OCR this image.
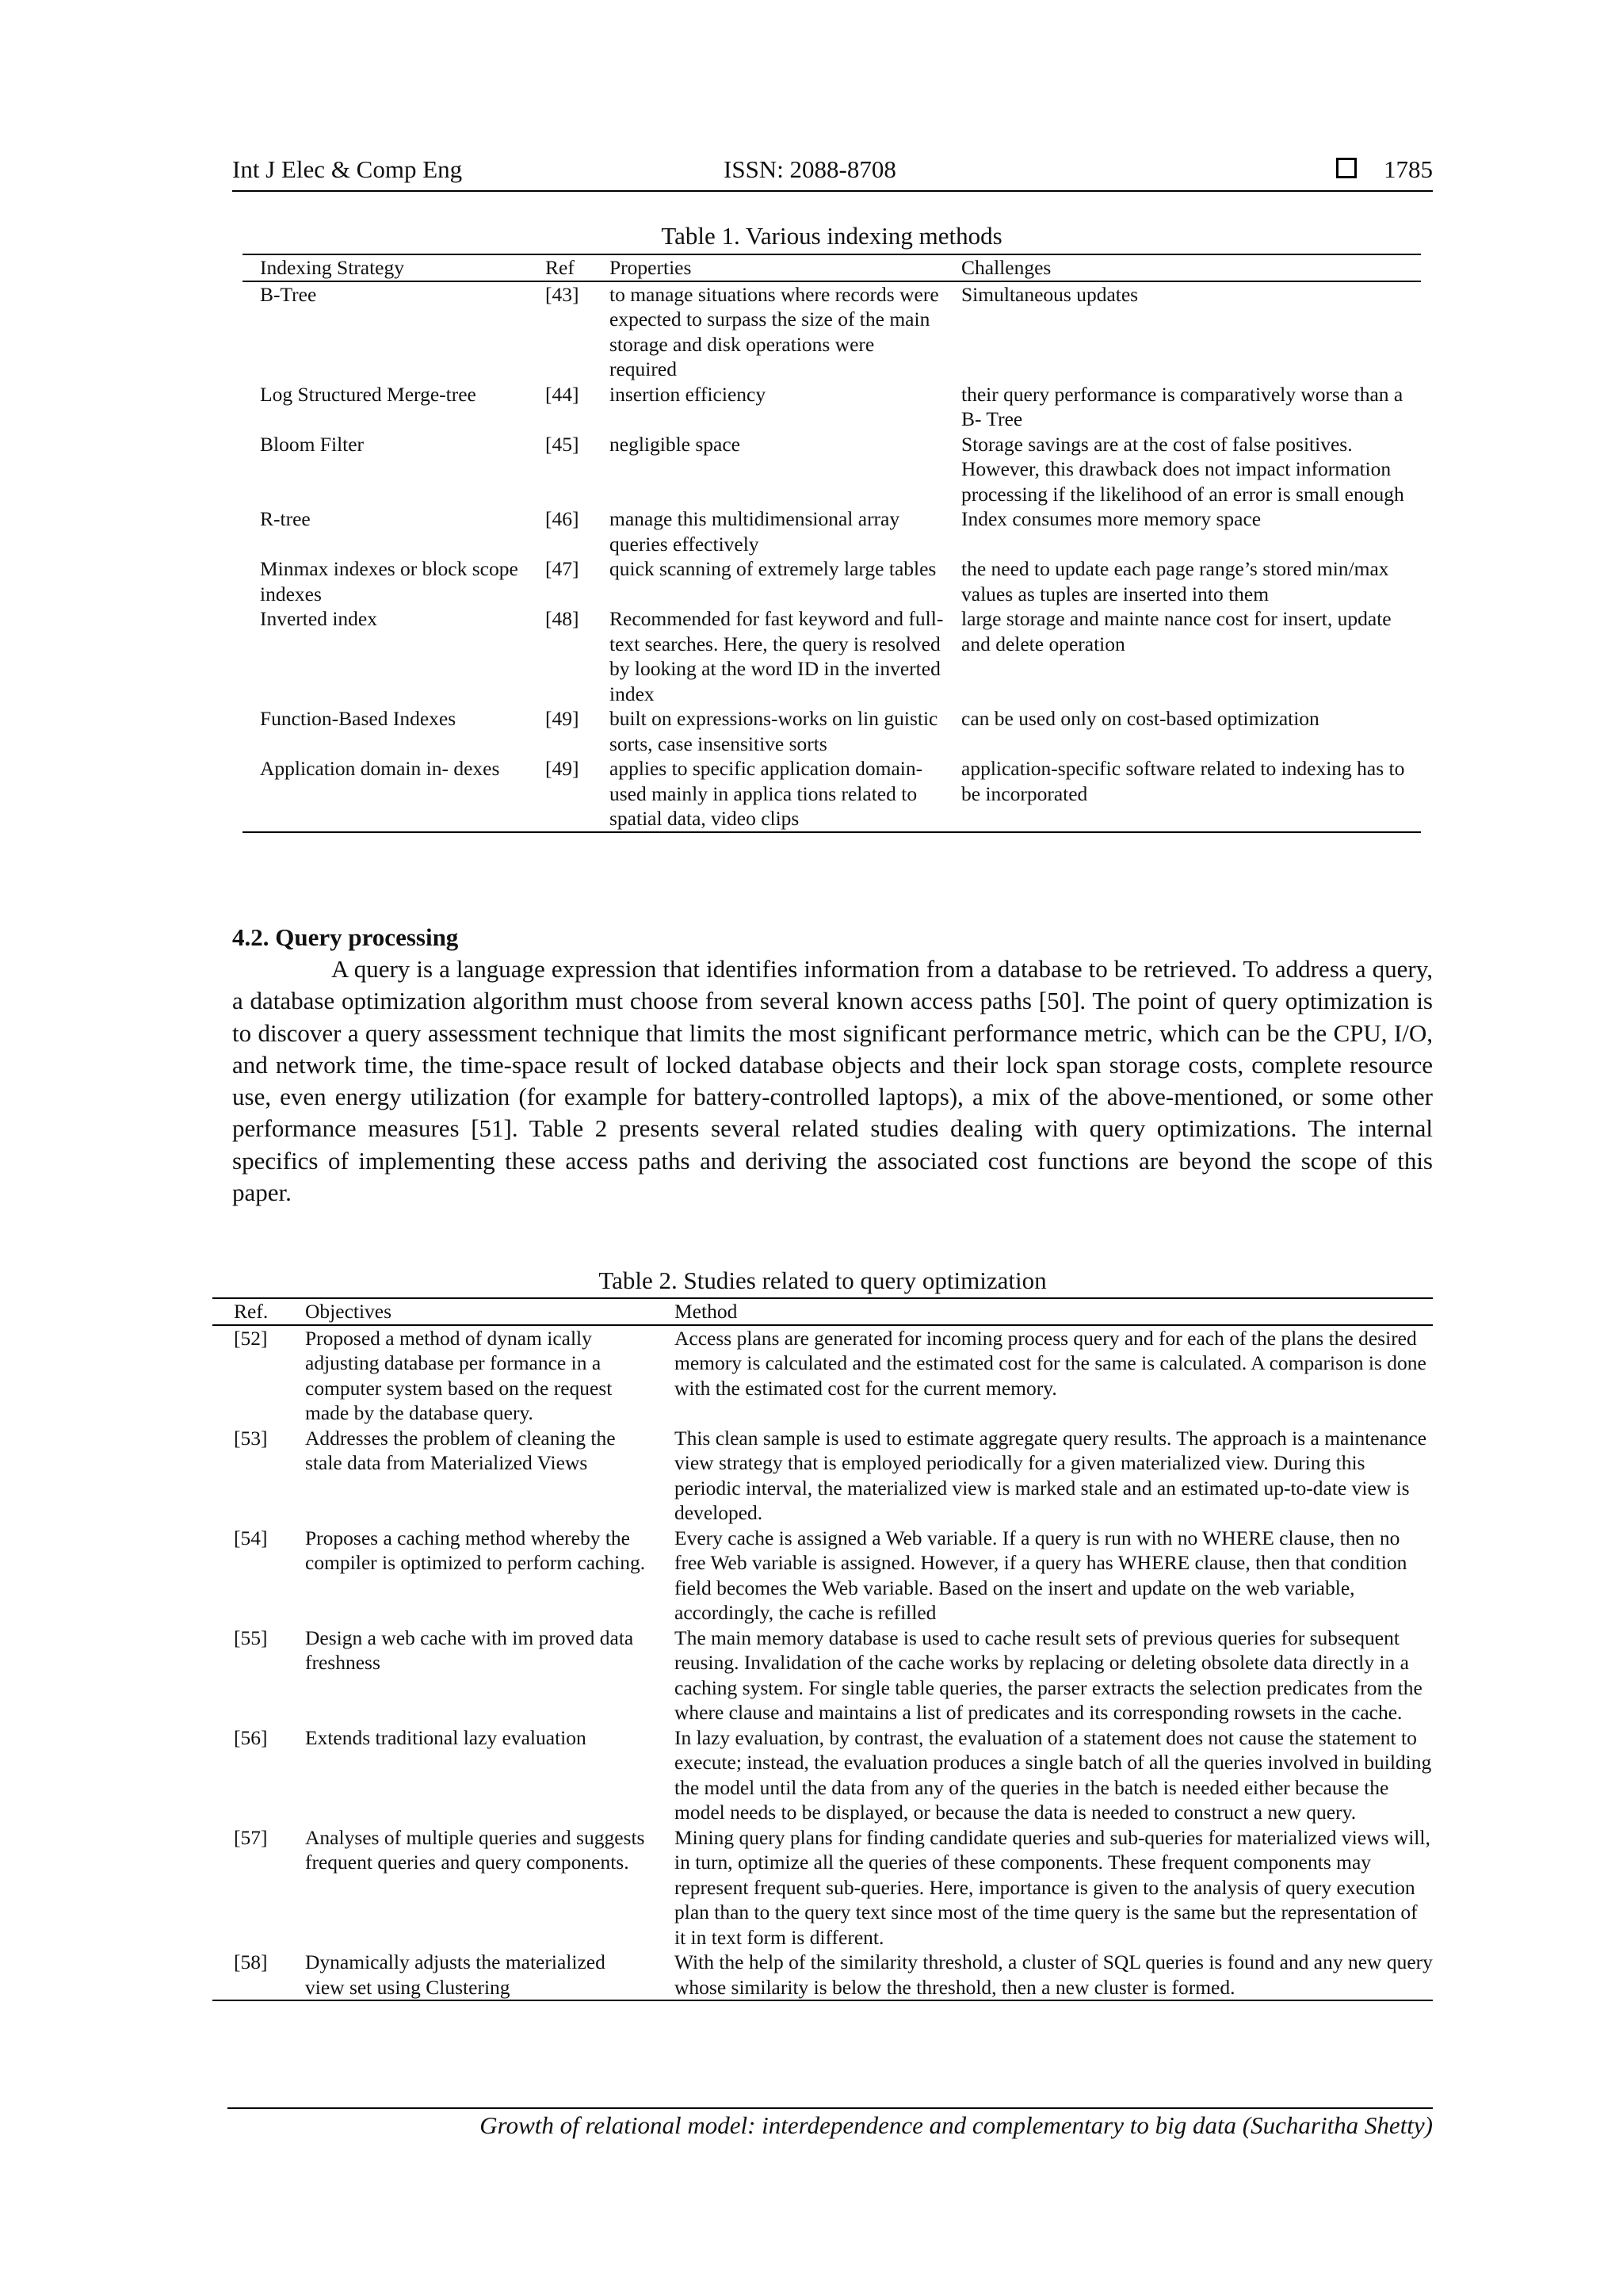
Int J Elec & Comp Eng	ISSN: 2088-8708	1785
Table 1. Various indexing methods
Indexing Strategy	Ref	Properties	Challenges
B-Tree	[43]	to manage situations where records were expected to surpass the size of the main storage and disk operations were required	Simultaneous updates
Log Structured Merge-tree	[44]	insertion efficiency	their query performance is comparatively worse than a B- Tree
Bloom Filter	[45]	negligible space	Storage savings are at the cost of false positives. However, this drawback does not impact information processing if the likelihood of an error is small enough
R-tree	[46]	manage this multidimensional array queries effectively	Index consumes more memory space
Minmax indexes or block scope indexes	[47]	quick scanning of extremely large tables	the need to update each page range’s stored min/max values as tuples are inserted into them
Inverted index	[48]	Recommended for fast keyword and full-text searches. Here, the query is resolved by looking at the word ID in the inverted index	large storage and mainte nance cost for insert, update and delete operation
Function-Based Indexes	[49]	built on expressions-works on lin guistic sorts, case insensitive sorts	can be used only on cost-based optimization
Application domain in- dexes	[49]	applies to specific application domain-used mainly in applica tions related to spatial data, video clips	application-specific software related to indexing has to be incorporated
4.2. Query processing
A query is a language expression that identifies information from a database to be retrieved. To address a query, a database optimization algorithm must choose from several known access paths [50]. The point of query optimization is to discover a query assessment technique that limits the most significant performance metric, which can be the CPU, I/O, and network time, the time-space result of locked database objects and their lock span storage costs, complete resource use, even energy utilization (for example for battery-controlled laptops), a mix of the above-mentioned, or some other performance measures [51]. Table 2 presents several related studies dealing with query optimizations. The internal specifics of implementing these access paths and deriving the associated cost functions are beyond the scope of this paper.
Table 2. Studies related to query optimization
Ref.	Objectives	Method
[52]	Proposed a method of dynam ically adjusting database per formance in a computer system based on the request made by the database query.	Access plans are generated for incoming process query and for each of the plans the desired memory is calculated and the estimated cost for the same is calculated. A comparison is done with the estimated cost for the current memory.
[53]	Addresses the problem of cleaning the stale data from Materialized Views	This clean sample is used to estimate aggregate query results. The approach is a maintenance view strategy that is employed periodically for a given materialized view. During this periodic interval, the materialized view is marked stale and an estimated up-to-date view is developed.
[54]	Proposes a caching method whereby the compiler is optimized to perform caching.	Every cache is assigned a Web variable. If a query is run with no WHERE clause, then no free Web variable is assigned. However, if a query has WHERE clause, then that condition field becomes the Web variable. Based on the insert and update on the web variable, accordingly, the cache is refilled
[55]	Design a web cache with im proved data freshness	The main memory database is used to cache result sets of previous queries for subsequent reusing. Invalidation of the cache works by replacing or deleting obsolete data directly in a caching system. For single table queries, the parser extracts the selection predicates from the where clause and maintains a list of predicates and its corresponding rowsets in the cache.
[56]	Extends traditional lazy evaluation	In lazy evaluation, by contrast, the evaluation of a statement does not cause the statement to execute; instead, the evaluation produces a single batch of all the queries involved in building the model until the data from any of the queries in the batch is needed either because the model needs to be displayed, or because the data is needed to construct a new query.
[57]	Analyses of multiple queries and suggests frequent queries and query components.	Mining query plans for finding candidate queries and sub-queries for materialized views will, in turn, optimize all the queries of these components. These frequent components may represent frequent sub-queries. Here, importance is given to the analysis of query execution plan than to the query text since most of the time query is the same but the representation of it in text form is different.
[58]	Dynamically adjusts the materialized view set using Clustering	With the help of the similarity threshold, a cluster of SQL queries is found and any new query whose similarity is below the threshold, then a new cluster is formed.
Growth of relational model: interdependence and complementary to big data (Sucharitha Shetty)
